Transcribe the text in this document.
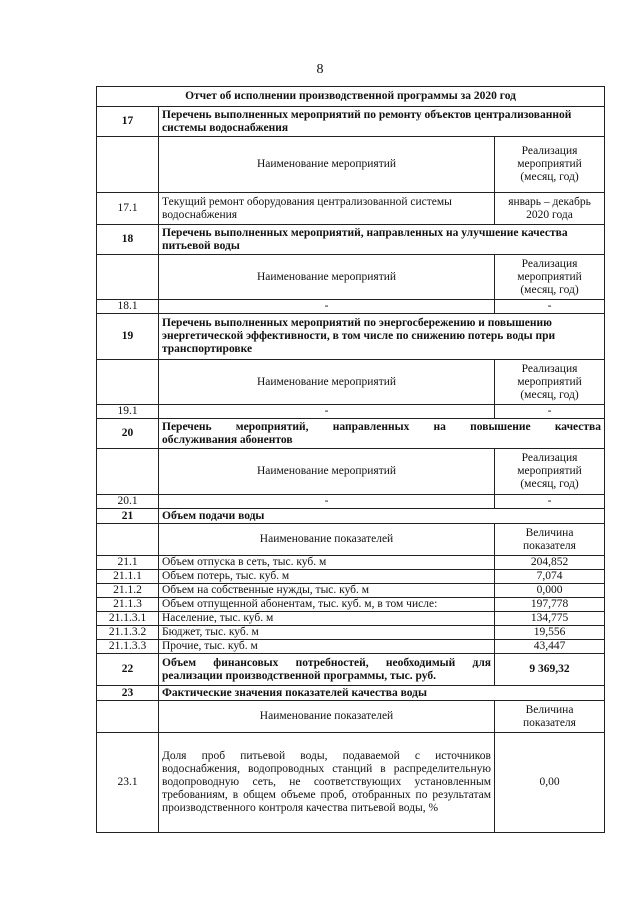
8
Отчет об исполнении производственной программы за 2020 год		
17	Перечень выполненных мероприятий по ремонту объектов централизованной системы водоснабжения	
	Наименование мероприятий	Реализация мероприятий (месяц, год)
17.1	Текущий ремонт оборудования централизованной системы водоснабжения	январь – декабрь 2020 года
18	Перечень выполненных мероприятий, направленных на улучшение качества питьевой воды	
	Наименование мероприятий	Реализация мероприятий (месяц, год)
18.1	-	-
19	Перечень выполненных мероприятий по энергосбережению и повышению энергетической эффективности, в том числе по снижению потерь воды при транспортировке	
	Наименование мероприятий	Реализация мероприятий (месяц, год)
19.1	-	-
20	Перечень мероприятий, направленных на повышение качества
обслуживания абонентов	

	Наименование мероприятий	Реализация мероприятий (месяц, год)
20.1	-	-
21	Объем подачи воды	
	Наименование показателей	Величина показателя
21.1	Объем отпуска в сеть, тыс. куб. м	204,852
21.1.1	Объем потерь, тыс. куб. м	7,074
21.1.2	Объем на собственные нужды, тыс. куб. м	0,000
21.1.3	Объем отпущенной абонентам, тыс. куб. м, в том числе:	197,778
21.1.3.1	Население, тыс. куб. м	134,775
21.1.3.2	Бюджет, тыс. куб. м	19,556
21.1.3.3	Прочие, тыс. куб. м	43,447
22	Объем финансовых потребностей, необходимый для реализации производственной программы, тыс. руб.	9 369,32
23	Фактические значения показателей качества воды	
	Наименование показателей	Величина показателя
23.1	Доля проб питьевой воды, подаваемой с источников водоснабжения, водопроводных станций в распределительную водопроводную сеть, не соответствующих установленным требованиям, в общем объеме проб, отобранных по результатам производственного контроля качества питьевой воды, %	0,00
